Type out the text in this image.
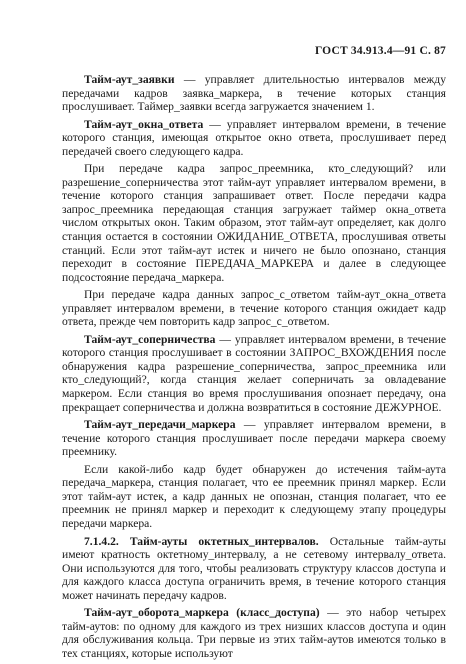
ГОСТ 34.913.4—91 С. 87

Тайм-аут_заявки — управляет длительностью интервалов между передачами кадров заявка_маркера, в течение которых станция прослушивает. Таймер_заявки всегда загружается значением 1.

Тайм-аут_окна_ответа — управляет интервалом времени, в течение которого станция, имеющая открытое окно ответа, прослушивает перед передачей своего следующего кадра.

При передаче кадра запрос_преемника, кто_следующий? или разрешение_соперничества этот тайм-аут управляет интервалом времени, в течение которого станция запрашивает ответ. После передачи кадра запрос_преемника передающая станция загружает таймер окна_ответа числом открытых окон. Таким образом, этот тайм-аут определяет, как долго станция остается в состоянии ОЖИДАНИЕ_ОТВЕТА, прослушивая ответы станций. Если этот тайм-аут истек и ничего не было опознано, станция переходит в состояние ПЕРЕДАЧА_МАРКЕРА и далее в следующее подсостояние передача_маркера.

При передаче кадра данных запрос_с_ответом тайм-аут_окна_ответа управляет интервалом времени, в течение которого станция ожидает кадр ответа, прежде чем повторить кадр запрос_с_ответом.

Тайм-аут_соперничества — управляет интервалом времени, в течение которого станция прослушивает в состоянии ЗАПРОС_ВХОЖДЕНИЯ после обнаружения кадра разрешение_соперничества, запрос_преемника или кто_следующий?, когда станция желает соперничать за овладевание маркером. Если станция во время прослушивания опознает передачу, она прекращает соперничества и должна возвратиться в состояние ДЕЖУРНОЕ.

Тайм-аут_передачи_маркера — управляет интервалом времени, в течение которого станция прослушивает после передачи маркера своему преемнику.

Если какой-либо кадр будет обнаружен до истечения тайм-аута передача_маркера, станция полагает, что ее преемник принял маркер. Если этот тайм-аут истек, а кадр данных не опознан, станция полагает, что ее преемник не принял маркер и переходит к следующему этапу процедуры передачи маркера.

7.1.4.2. Тайм-ауты октетных_интервалов. Остальные тайм-ауты имеют кратность октетному_интервалу, а не сетевому интервалу_ответа. Они используются для того, чтобы реализовать структуру классов доступа и для каждого класса доступа ограничить время, в течение которого станция может начинать передачу кадров.

Тайм-аут_оборота_маркера (класс_доступа) — это набор четырех тайм-аутов: по одному для каждого из трех низших классов доступа и один для обслуживания кольца. Три первые из этих тайм-аутов имеются только в тех станциях, которые используют
